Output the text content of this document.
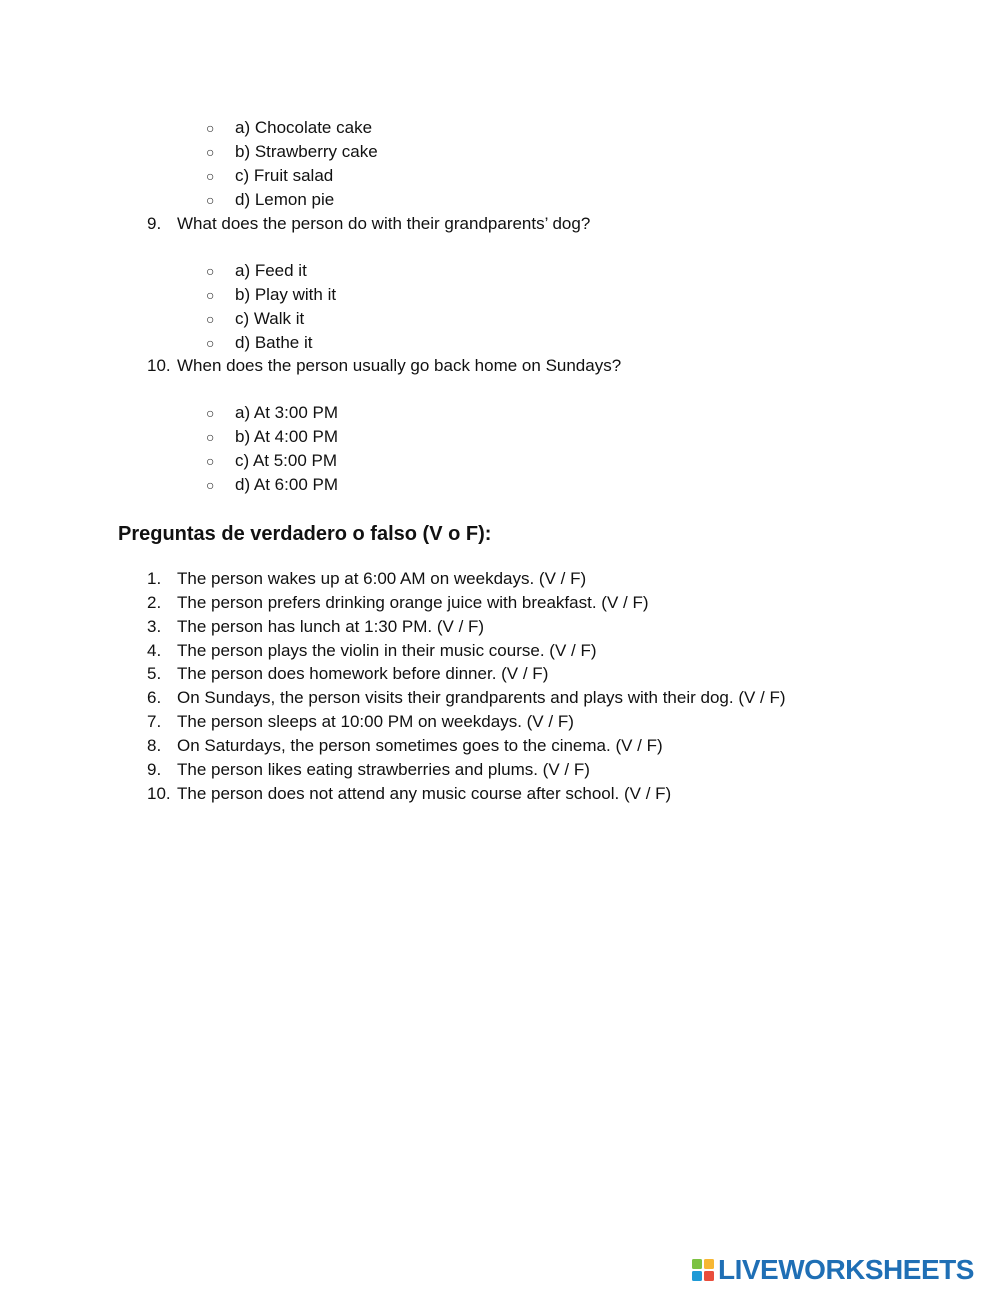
○ a) Chocolate cake
○ b) Strawberry cake
○ c) Fruit salad
○ d) Lemon pie
9. What does the person do with their grandparents’ dog?
○ a) Feed it
○ b) Play with it
○ c) Walk it
○ d) Bathe it
10. When does the person usually go back home on Sundays?
○ a) At 3:00 PM
○ b) At 4:00 PM
○ c) At 5:00 PM
○ d) At 6:00 PM
Preguntas de verdadero o falso (V o F):
1. The person wakes up at 6:00 AM on weekdays. (V / F)
2. The person prefers drinking orange juice with breakfast. (V / F)
3. The person has lunch at 1:30 PM. (V / F)
4. The person plays the violin in their music course. (V / F)
5. The person does homework before dinner. (V / F)
6. On Sundays, the person visits their grandparents and plays with their dog. (V / F)
7. The person sleeps at 10:00 PM on weekdays. (V / F)
8. On Saturdays, the person sometimes goes to the cinema. (V / F)
9. The person likes eating strawberries and plums. (V / F)
10. The person does not attend any music course after school. (V / F)
LIVEWORKSHEETS
